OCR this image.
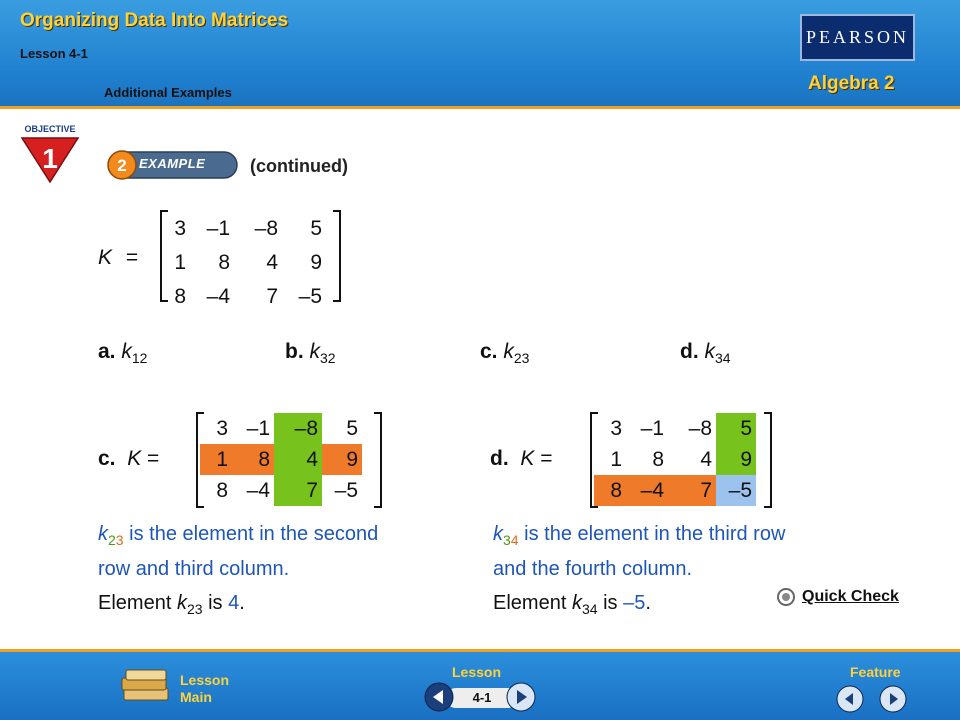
Organizing Data Into Matrices
Lesson 4-1
Additional Examples
PEARSON
Algebra 2
OBJECTIVE
1	2 EXAMPLE (continued)
K =
3 –1	–8	5
1	8	4	9
8 –4	7 –5
a. $k_{12}$	b. $k_{32}$	c. $k_{23}$	d. $k_{34}$
c. K =
3 –1	–8	5
1	8	4	9
8 –4	7 –5
d. K =
3 –1	–8	5
1	8	4	9
8 –4	7 –5
$k_{23}$ is the element in the second
row and third column.
$k_{34}$ is the element in the third row
and the fourth column.
Element $k_{23}$ is 4.	Element $k_{34}$ is –5.	Quick Check
Lesson
Main
Lesson	Feature
4-1
